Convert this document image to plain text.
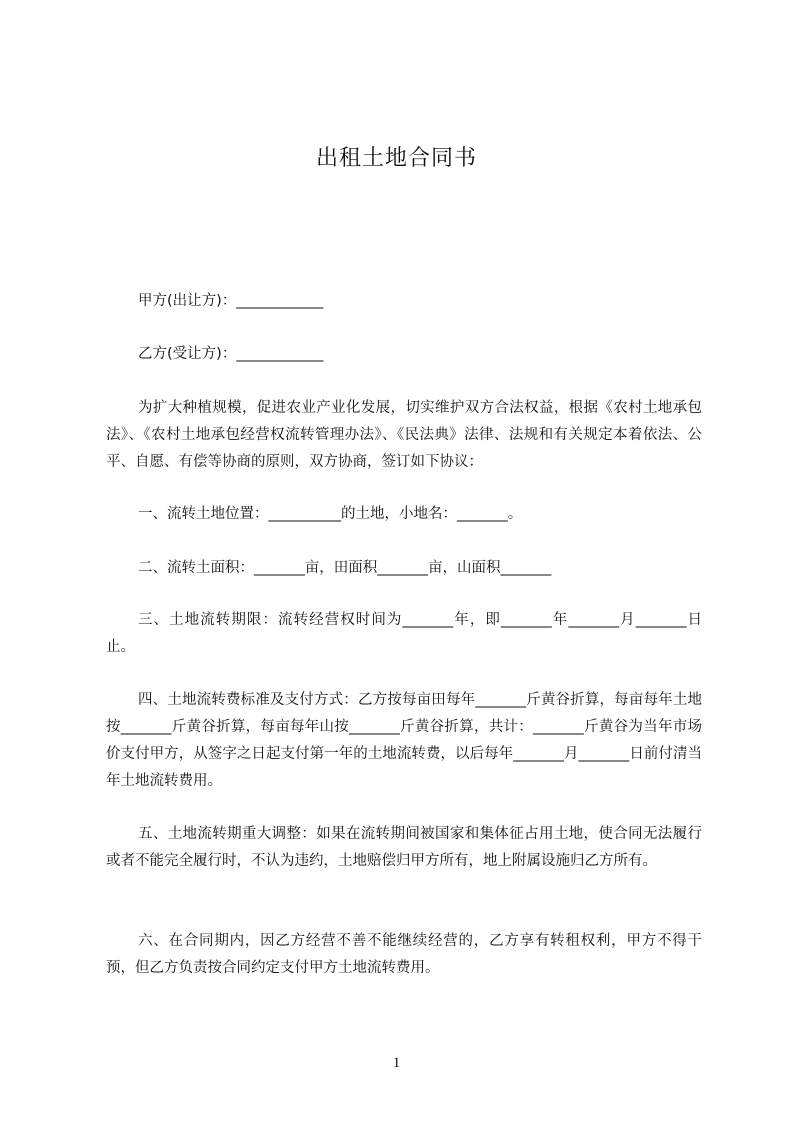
出租土地合同书

甲方(出让方)：____________

乙方(受让方)：____________

为扩大种植规模，促进农业产业化发展，切实维护双方合法权益，根据《农村土地承包法》、《农村土地承包经营权流转管理办法》、《民法典》法律、法规和有关规定本着依法、公平、自愿、有偿等协商的原则，双方协商，签订如下协议：

一、流转土地位置：__________的土地，小地名：_______。

二、流转土面积：_______亩，田面积_______亩，山面积_______

三、土地流转期限：流转经营权时间为_______年，即_______年_______月_______日止。

四、土地流转费标准及支付方式：乙方按每亩田每年_______斤黄谷折算，每亩每年土地按_______斤黄谷折算，每亩每年山按_______斤黄谷折算，共计：_______斤黄谷为当年市场价支付甲方，从签字之日起支付第一年的土地流转费，以后每年_______月_______日前付清当年土地流转费用。

五、土地流转期重大调整：如果在流转期间被国家和集体征占用土地，使合同无法履行或者不能完全履行时，不认为违约，土地赔偿归甲方所有，地上附属设施归乙方所有。

六、在合同期内，因乙方经营不善不能继续经营的，乙方享有转租权利，甲方不得干预，但乙方负责按合同约定支付甲方土地流转费用。

1
